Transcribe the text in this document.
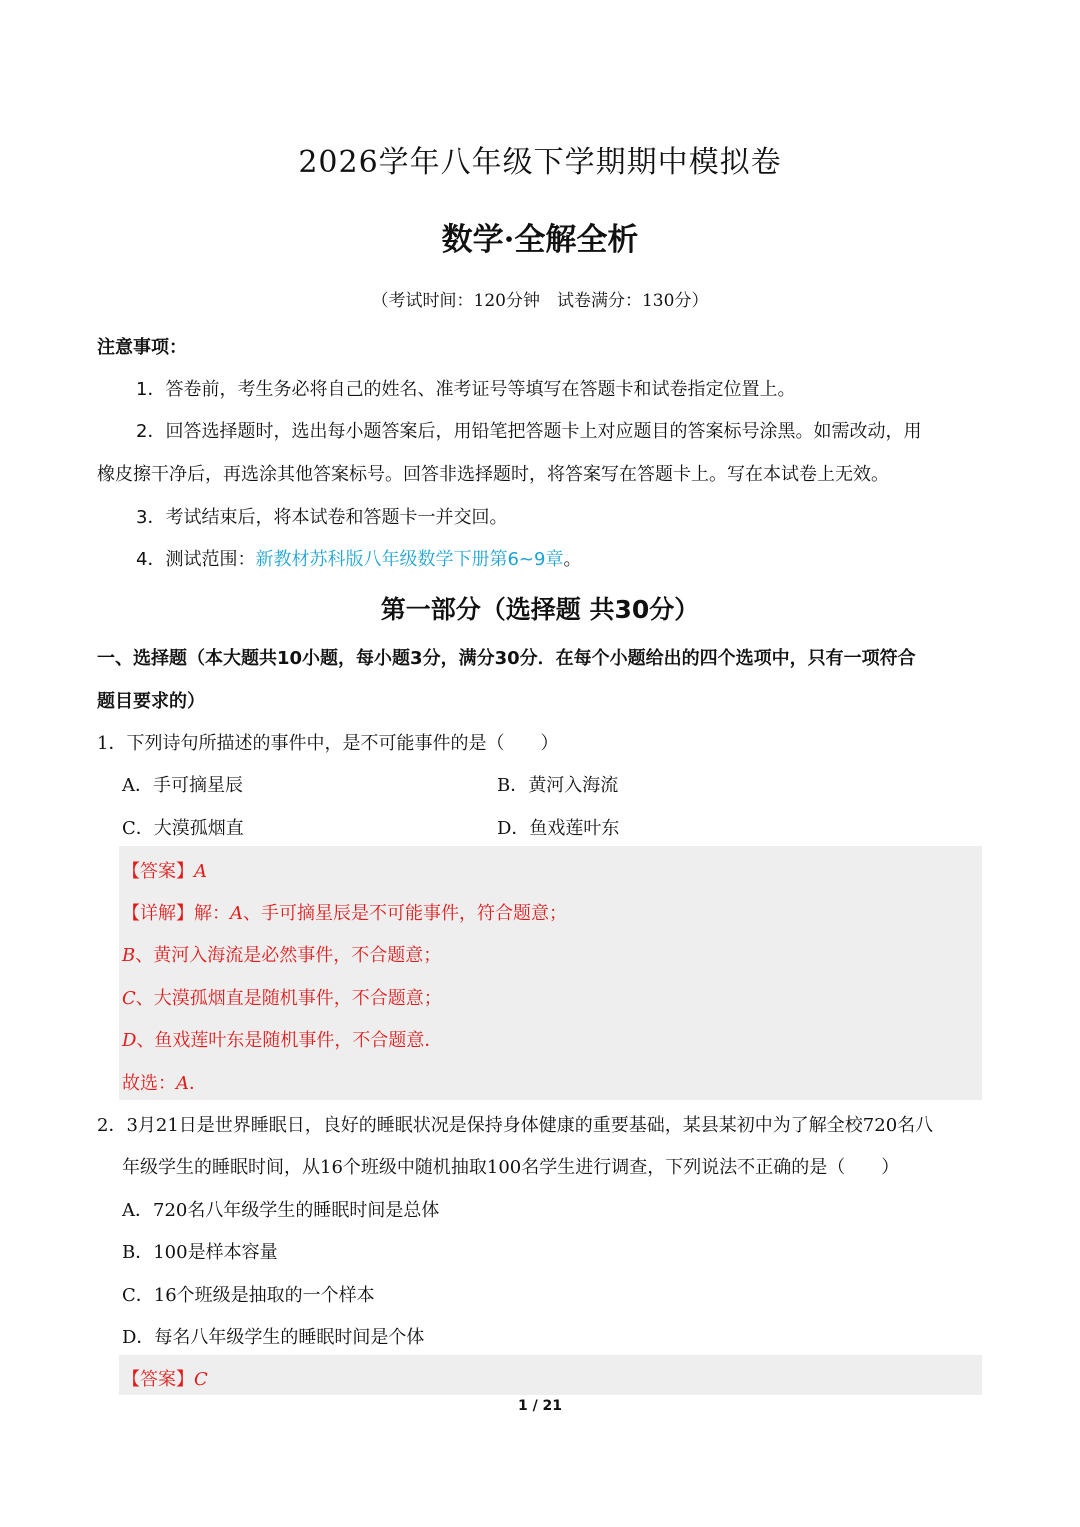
2026学年八年级下学期期中模拟卷
数学·全解全析
（考试时间：120分钟　试卷满分：130分）
注意事项：
1．答卷前，考生务必将自己的姓名、准考证号等填写在答题卡和试卷指定位置上。
2．回答选择题时，选出每小题答案后，用铅笔把答题卡上对应题目的答案标号涂黑。如需改动，用
橡皮擦干净后，再选涂其他答案标号。回答非选择题时，将答案写在答题卡上。写在本试卷上无效。
3．考试结束后，将本试卷和答题卡一并交回。
4．测试范围：新教材苏科版八年级数学下册第6~9章。
第一部分（选择题 共30分）
一、选择题（本大题共10小题，每小题3分，满分30分．在每个小题给出的四个选项中，只有一项符合
题目要求的）
1．下列诗句所描述的事件中，是不可能事件的是（　　）
A．手可摘星辰	B．黄河入海流
C．大漠孤烟直	D．鱼戏莲叶东
【答案】A
【详解】解：A、手可摘星辰是不可能事件，符合题意；
B、黄河入海流是必然事件，不合题意；
C、大漠孤烟直是随机事件，不合题意；
D、鱼戏莲叶东是随机事件，不合题意．
故选：A．
2．3月21日是世界睡眠日，良好的睡眠状况是保持身体健康的重要基础，某县某初中为了解全校720名八
年级学生的睡眠时间，从16个班级中随机抽取100名学生进行调查，下列说法不正确的是（　　）
A．720名八年级学生的睡眠时间是总体
B．100是样本容量
C．16个班级是抽取的一个样本
D．每名八年级学生的睡眠时间是个体
【答案】C
1 / 21
